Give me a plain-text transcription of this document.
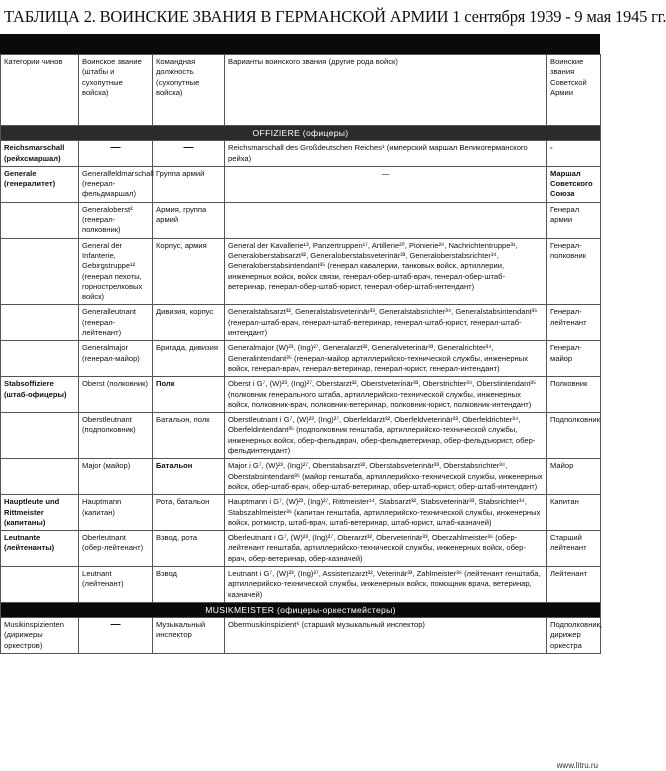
ТАБЛИЦА 2. ВОИНСКИЕ ЗВАНИЯ В ГЕРМАНСКОЙ АРМИИ 1 сентября 1939 - 9 мая 1945 гг.
Категории чинов	Воинское звание (штабы и сухопутные войска)	Командная должность (сухопутные войска)	Варианты воинского звания (другие рода войск)	Воинские звания Советской Армии
OFFIZIERE (офицеры)				
Reichsmarschall (рейхсмаршал)	—	—	Reichsmarschall des Großdeutschen Reiches¹ (имперский маршал Великогерманского рейха)	-
Generale (генералитет)	Generalfeldmarschall (генерал-фельдмаршал)	Группа армий	—	Маршал Советского Союза
	Generaloberst² (генерал-полковник)	Армия, группа армий		Генерал армии
	General der Infanterie, Gebirgstruppe¹² (генерал пехоты, горнострелковых войск)	Корпус, армия	General der Kavallerie¹³, Panzertruppen¹⁷, Artillerie²⁰, Pionierie²⁸, Nachrichtentruppe³¹, Generaloberstabsarzt³², Generaloberstabsveterinär³³, Generaloberstabsrichter³⁴, Generaloberstabsintendant³⁵ (генерал кавалерии, танковых войск, артиллерии, инженерных войск, войск связи, генерал-обер-штаб-врач, генерал-обер-штаб-ветеринар, генерал-обер-штаб-юрист, генерал-обер-штаб-интендант)	Генерал-полковник
	Generalleutnant (генерал-лейтенант)	Дивизия, корпус	Generalstabsarzt³², Generalstabsveterinär³³, Generalstabsrichter³⁴, Generalstabsintendant³⁵ (генерал-штаб-врач, генерал-штаб-ветеринар, генерал-штаб-юрист, генерал-штаб-интендант)	Генерал-лейтенант
	Generalmajor (генерал-майор)	Бригада, дивизия	Generalmajor (W)²³, (Ing)²⁷, Generalarzt³², Generalveterinär³³, Generalrichter³⁴, Generalintendant³⁵ (генерал-майор артиллерийско-технической службы, инженерных войск, генерал-врач, генерал-ветеринар, генерал-юрист, генерал-интендант)	Генерал-майор
Stabsoffiziere (штаб-офицеры)	Oberst (полковник)	Полк	Oberst i G⁷, (W)²³, (Ing)²⁷, Oberstarzt³², Oberstveterinär³³, Oberstrichter³⁴, Oberstintendant³⁵ (полковник генерального штаба, артиллерийско-технической службы, инженерных войск, полковник-врач, полковник-ветеринар, полковник-юрист, полковник-интендант)	Полковник
	Oberstleutnant (подполковник)	Батальон, полк	Oberstleutnant i G⁷, (W)²³, (Ing)²⁷, Oberfeldarzt³², Oberfeldveterinär³³, Oberfeldrichter³⁴, Oberfeldintendant³⁵ (подполковник генштаба, артиллерийско-технической службы, инженерных войск, обер-фельдврач, обер-фельдветеринар, обер-фельдъюрист, обер-фельдинтендант)	Подполковник
	Major (майор)	Батальон	Major i G⁷, (W)²³, (Ing)²⁷, Oberstabsarzt³², Oberstabsveterinär³³, Oberstabsrichter³⁴, Oberstabsintendant³⁵ (майор генштаба, артиллерийско-технической службы, инженерных войск, обер-штаб-врач, обер-штаб-ветеринар, обер-штаб-юрист, обер-штаб-интендант)	Майор
Hauptleute und Rittmeister (капитаны)	Hauptmann (капитан)	Рота, батальон	Hauptmann i G⁷, (W)²³, (Ing)²⁷, Rittmeister¹⁴, Stabsarzt³², Stabsveterinär³³, Stabsrichter³⁴, Stabszahlmeister³⁶ (капитан генштаба, артиллерийско-технической службы, инженерных войск, ротмистр, штаб-врач, штаб-ветеринар, штаб-юрист, штаб-казначей)	Капитан
Leutnante (лейтенанты)	Oberleutnant (обер-лейтенант)	Взвод, рота	Oberleutnant i G⁷, (W)²³, (Ing)²⁷, Oberarzt³², Oberveterinär³³, Oberzahlmeister³⁶ (обер-лейтенант генштаба, артиллерийско-технической службы, инженерных войск, обер-врач, обер-ветеринар, обер-казначей)	Старший лейтенант
	Leutnant (лейтенант)	Взвод	Leutnant i G⁷, (W)²³, (Ing)²⁷, Assistenzarzt³², Veterinär³³, Zahlmeister³⁶ (лейтенант генштаба, артиллерийско-технической службы, инженерных войск, помощник врача, ветеринар, казначей)	Лейтенант
MUSIKMEISTER (офицеры-оркестмейстеры)				
Musikinspizienten (дирижеры оркестров)	—	Музыкальный инспектор	Obermusikinspizient⁶ (старший музыкальный инспектор)	Подполковник, дирижер оркестра
www.litru.ru
